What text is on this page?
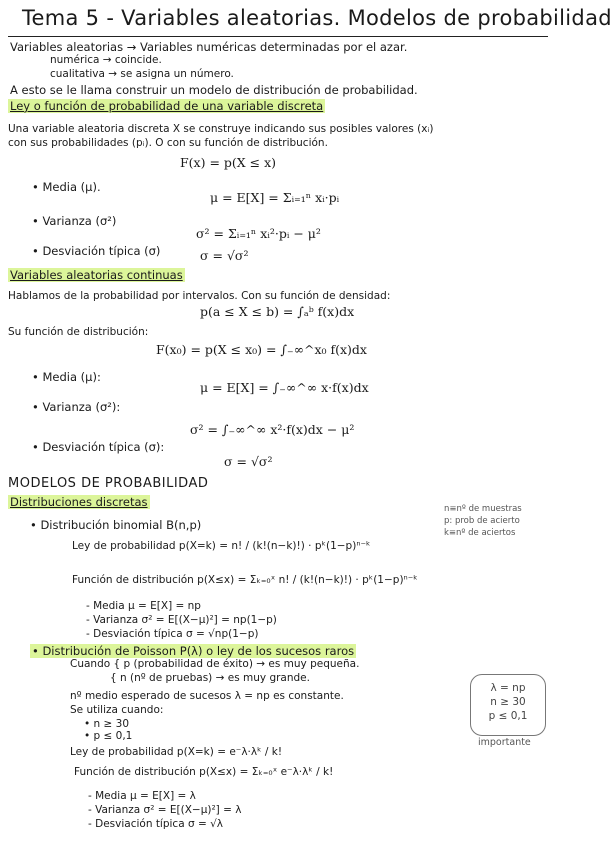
Tema 5 - Variables aleatorias. Modelos de probabilidad
Variables aleatorias → Variables numéricas determinadas por el azar.
numérica → coincide.
cualitativa → se asigna un número.
A esto se le llama construir un modelo de distribución de probabilidad.
Ley o función de probabilidad de una variable discreta
Una variable aleatoria discreta X se construye indicando sus posibles valores (xᵢ)
con sus probabilidades (pᵢ). O con su función de distribución.
F(x) = p(X ≤ x)
• Media (μ).
μ = E[X] = Σᵢ₌₁ⁿ xᵢ·pᵢ
• Varianza (σ²)
σ² = Σᵢ₌₁ⁿ xᵢ²·pᵢ − μ²
• Desviación típica (σ)	σ = √σ²
Variables aleatorias continuas
Hablamos de la probabilidad por intervalos. Con su función de densidad:
p(a ≤ X ≤ b) = ∫ₐᵇ f(x)dx
Su función de distribución:
F(x₀) = p(X ≤ x₀) = ∫₋∞^x₀ f(x)dx
• Media (μ):
μ = E[X] = ∫₋∞^∞ x·f(x)dx
• Varianza (σ²):
σ² = ∫₋∞^∞ x²·f(x)dx − μ²
• Desviación típica (σ):
σ = √σ²
MODELOS DE PROBABILIDAD
Distribuciones discretas
• Distribución binomial B(n,p)
n≡nº de muestras
p: prob de acierto
k≡nº de aciertos
Ley de probabilidad p(X=k) = n! / (k!(n−k)!) · pᵏ(1−p)ⁿ⁻ᵏ
Función de distribución p(X≤x) = Σₖ₌₀ˣ n! / (k!(n−k)!) · pᵏ(1−p)ⁿ⁻ᵏ
- Media μ = E[X] = np
- Varianza σ² = E[(X−μ)²] = np(1−p)
- Desviación típica σ = √np(1−p)
• Distribución de Poisson P(λ) o ley de los sucesos raros
Cuando { p (probabilidad de éxito) → es muy pequeña.
{ n (nº de pruebas) → es muy grande.
nº medio esperado de sucesos λ = np es constante.
Se utiliza cuando:
• n ≥ 30
• p ≤ 0,1
Ley de probabilidad p(X=k) = e⁻λ·λᵏ / k!
Función de distribución p(X≤x) = Σₖ₌₀ˣ e⁻λ·λᵏ / k!
- Media μ = E[X] = λ
- Varianza σ² = E[(X−μ)²] = λ
- Desviación típica σ = √λ
λ = np
n ≥ 30
p ≤ 0,1
importante
